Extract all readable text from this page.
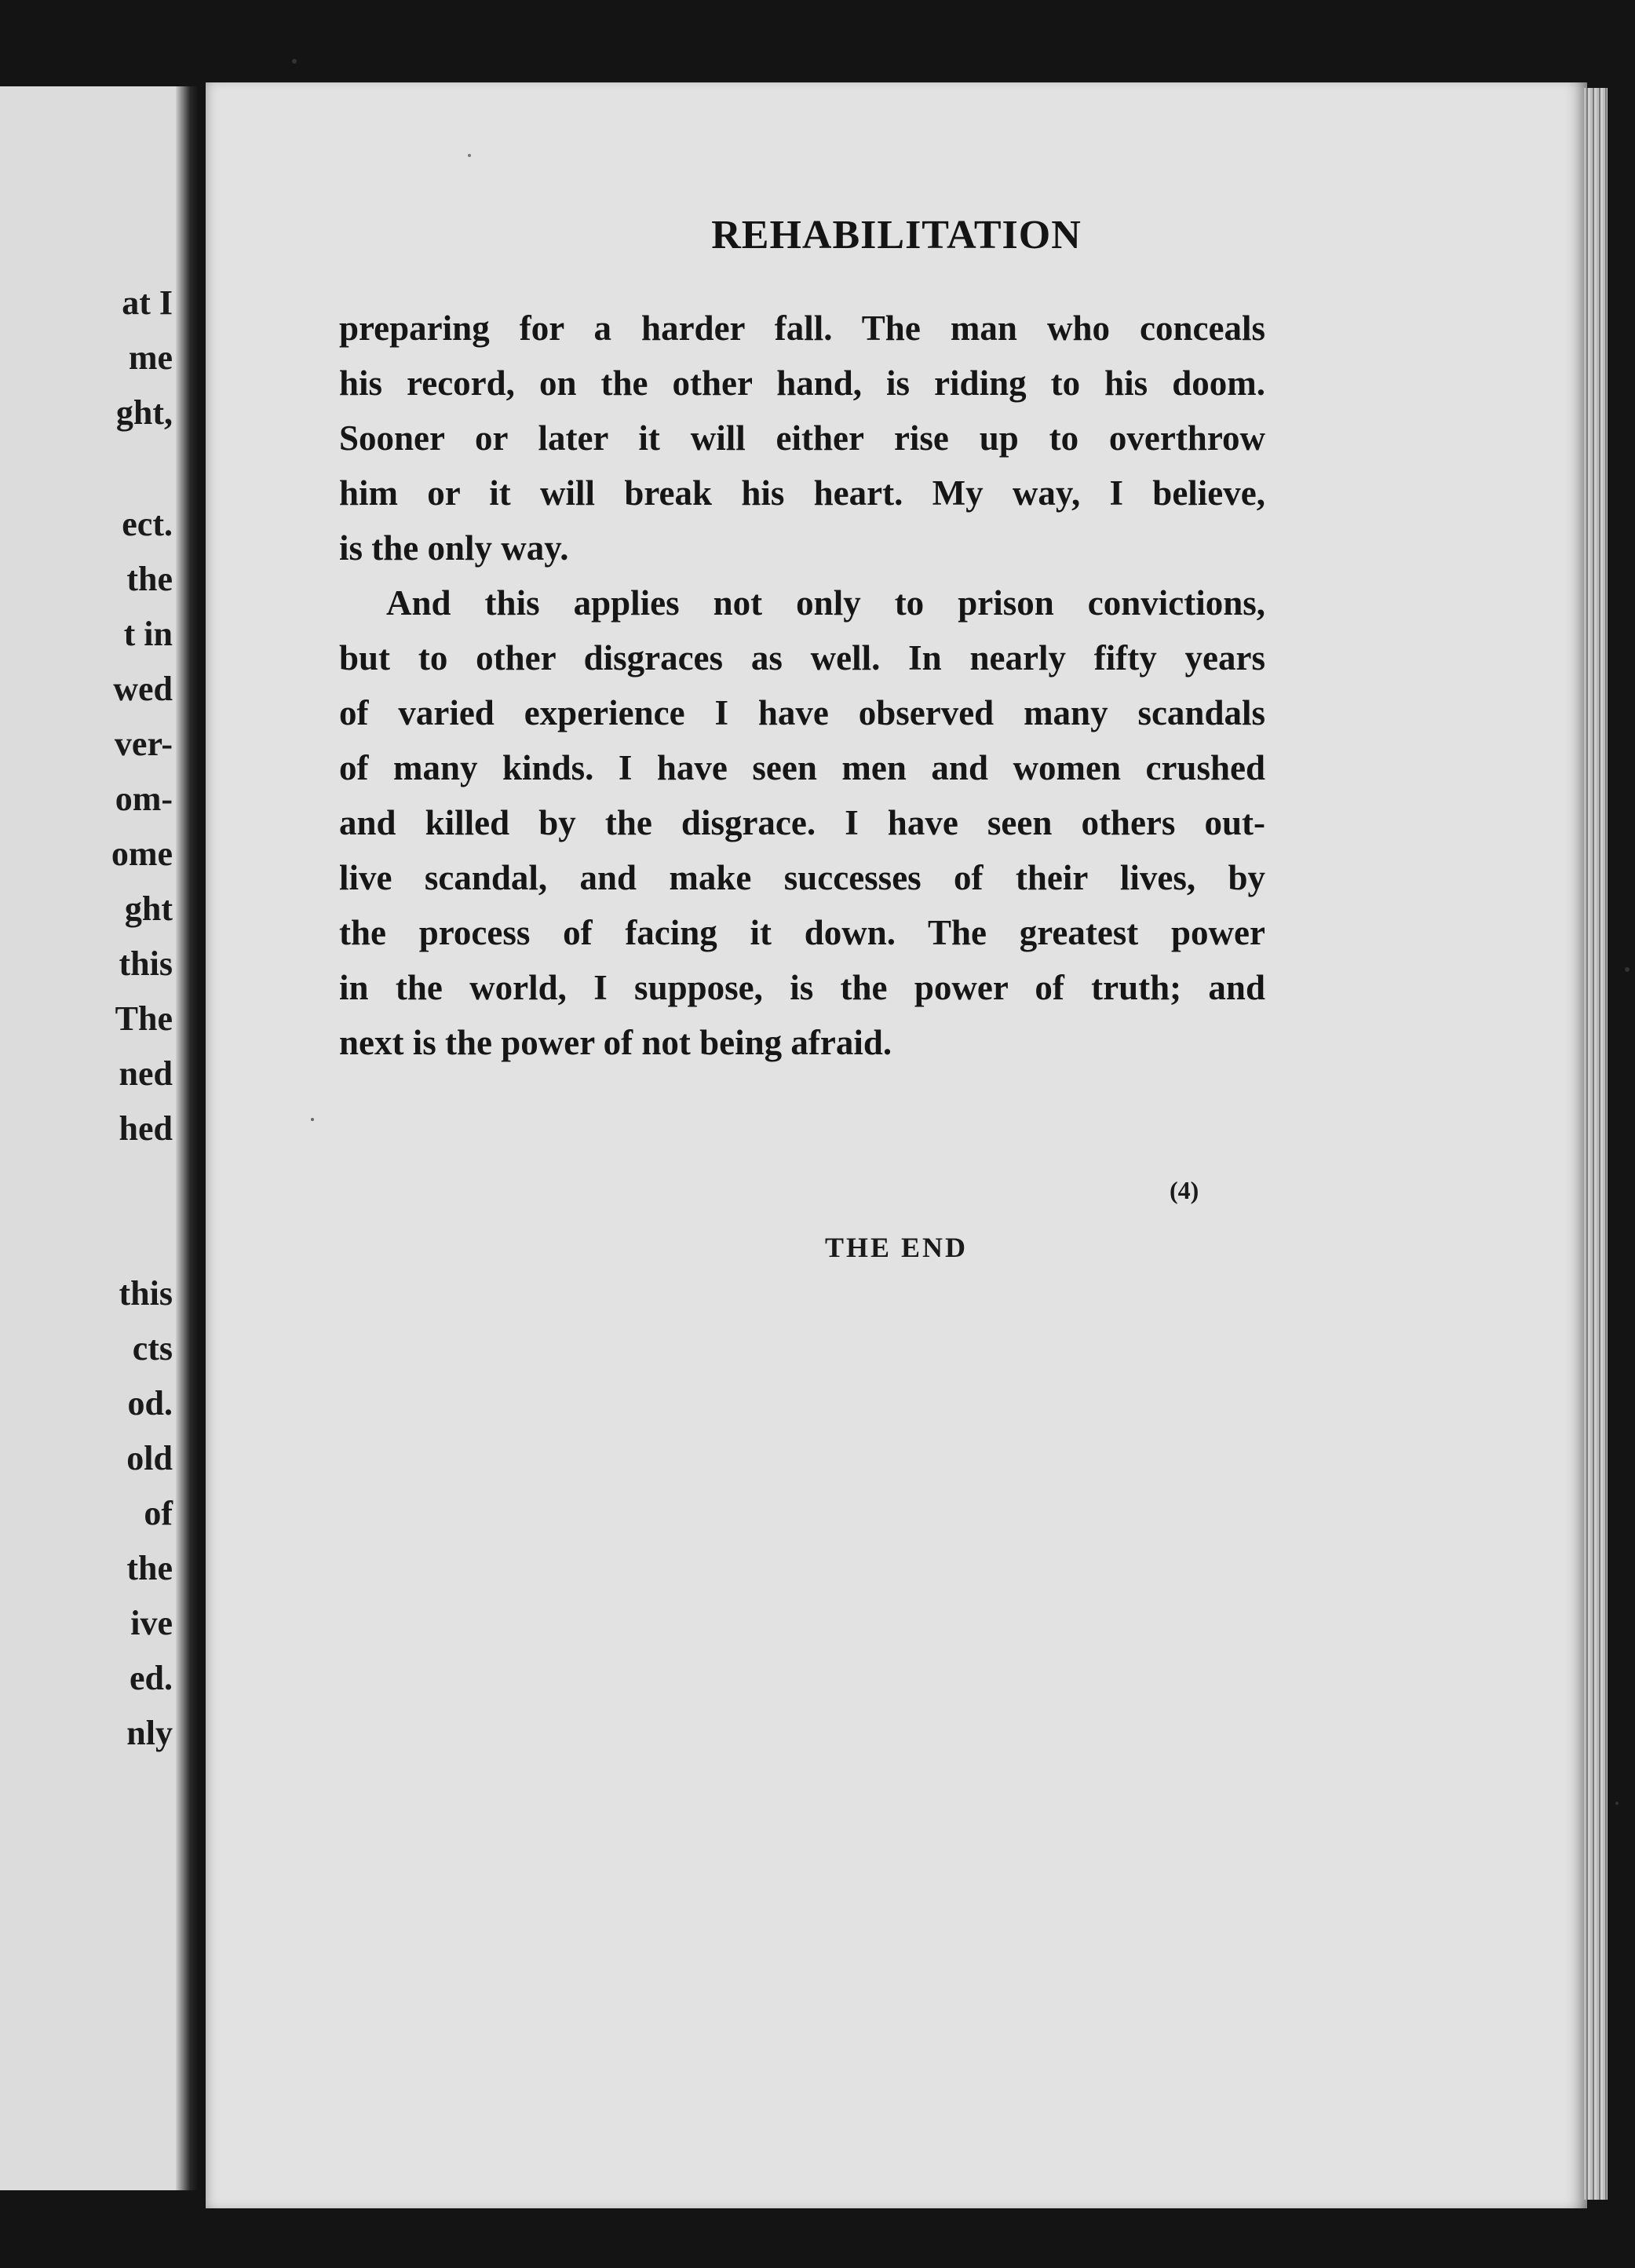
at I
me
ght,
ect.
the
t in
wed
ver-
om-
ome
ght
this
The
ned
hed
this
cts
od.
old
of
the
ive
ed.
nly
REHABILITATION
preparing for a harder fall. The man who conceals
his record, on the other hand, is riding to his doom.
Sooner or later it will either rise up to overthrow
him or it will break his heart. My way, I believe,
is the only way.
And this applies not only to prison convictions,
but to other disgraces as well. In nearly fifty years
of varied experience I have observed many scandals
of many kinds. I have seen men and women crushed
and killed by the disgrace. I have seen others out-
live scandal, and make successes of their lives, by
the process of facing it down. The greatest power
in the world, I suppose, is the power of truth; and
next is the power of not being afraid.
(4)
THE END
